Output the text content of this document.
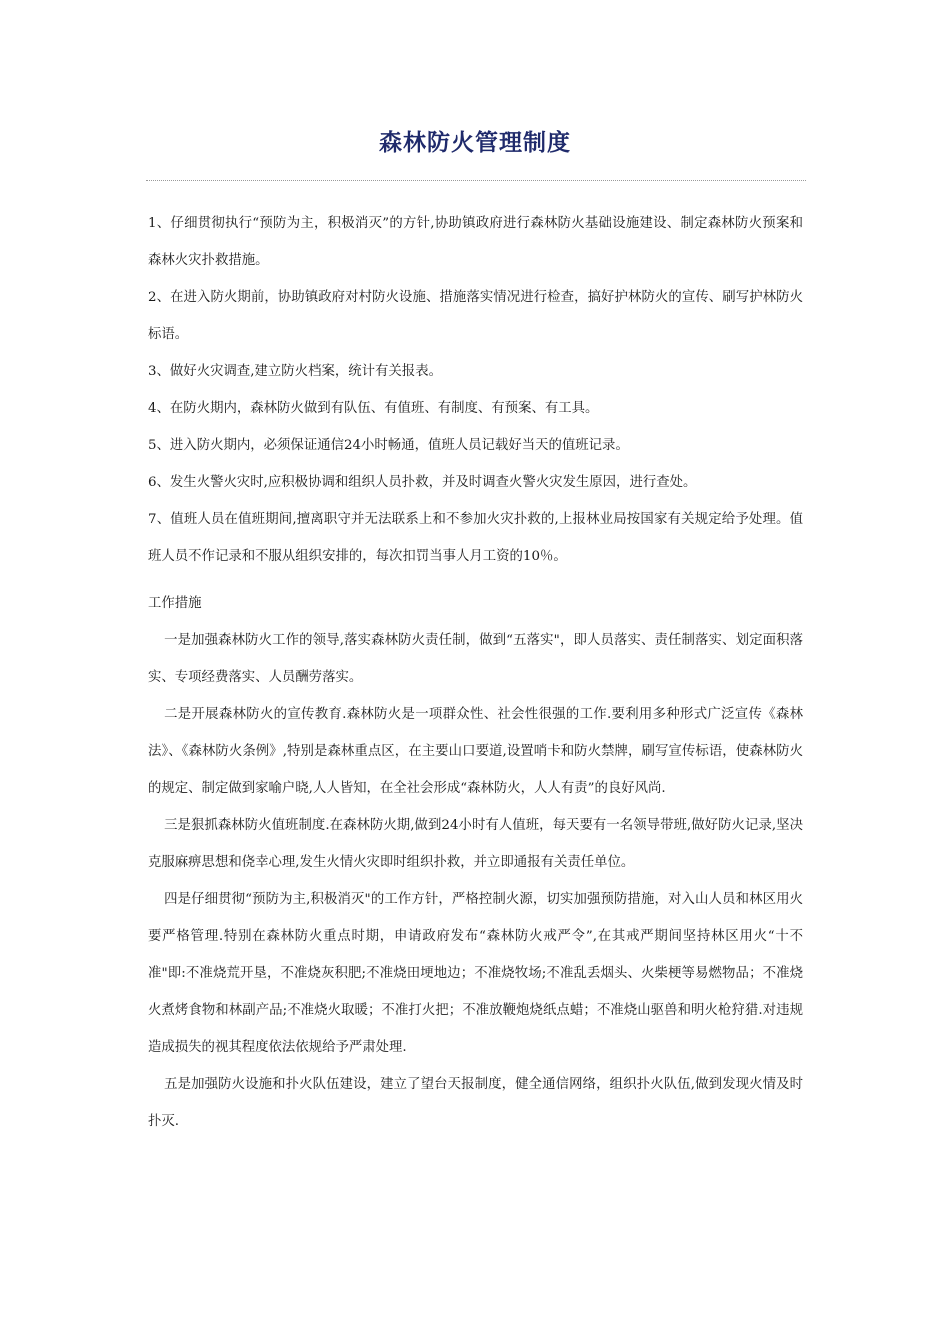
森林防火管理制度

1、仔细贯彻执行“预防为主，积极消灭”的方针,协助镇政府进行森林防火基础设施建设、制定森林防火预案和森林火灾扑救措施。

2、在进入防火期前，协助镇政府对村防火设施、措施落实情况进行检查，搞好护林防火的宣传、刷写护林防火标语。

3、做好火灾调查,建立防火档案，统计有关报表。

4、在防火期内，森林防火做到有队伍、有值班、有制度、有预案、有工具。

5、进入防火期内，必须保证通信24小时畅通，值班人员记载好当天的值班记录。

6、发生火警火灾时,应积极协调和组织人员扑救，并及时调查火警火灾发生原因，进行查处。

7、值班人员在值班期间,擅离职守并无法联系上和不参加火灾扑救的,上报林业局按国家有关规定给予处理。值班人员不作记录和不服从组织安排的，每次扣罚当事人月工资的10％。

工作措施

一是加强森林防火工作的领导,落实森林防火责任制，做到“五落实"，即人员落实、责任制落实、划定面积落实、专项经费落实、人员酬劳落实。

二是开展森林防火的宣传教育.森林防火是一项群众性、社会性很强的工作.要利用多种形式广泛宣传《森林法》、《森林防火条例》,特别是森林重点区，在主要山口要道,设置哨卡和防火禁牌，刷写宣传标语，使森林防火的规定、制定做到家喻户晓,人人皆知，在全社会形成“森林防火，人人有责”的良好风尚.

三是狠抓森林防火值班制度.在森林防火期,做到24小时有人值班，每天要有一名领导带班,做好防火记录,坚决克服麻痹思想和侥幸心理,发生火情火灾即时组织扑救，并立即通报有关责任单位。

四是仔细贯彻“预防为主,积极消灭"的工作方针，严格控制火源，切实加强预防措施，对入山人员和林区用火要严格管理.特别在森林防火重点时期，申请政府发布“森林防火戒严令”,在其戒严期间坚持林区用火“十不准"即:不准烧荒开垦，不准烧灰积肥;不准烧田埂地边；不准烧牧场;不准乱丢烟头、火柴梗等易燃物品；不准烧火煮烤食物和林副产品;不准烧火取暖；不准打火把；不准放鞭炮烧纸点蜡；不准烧山驱兽和明火枪狩猎.对违规造成损失的视其程度依法依规给予严肃处理.

五是加强防火设施和扑火队伍建设，建立了望台天报制度，健全通信网络，组织扑火队伍,做到发现火情及时扑灭.
